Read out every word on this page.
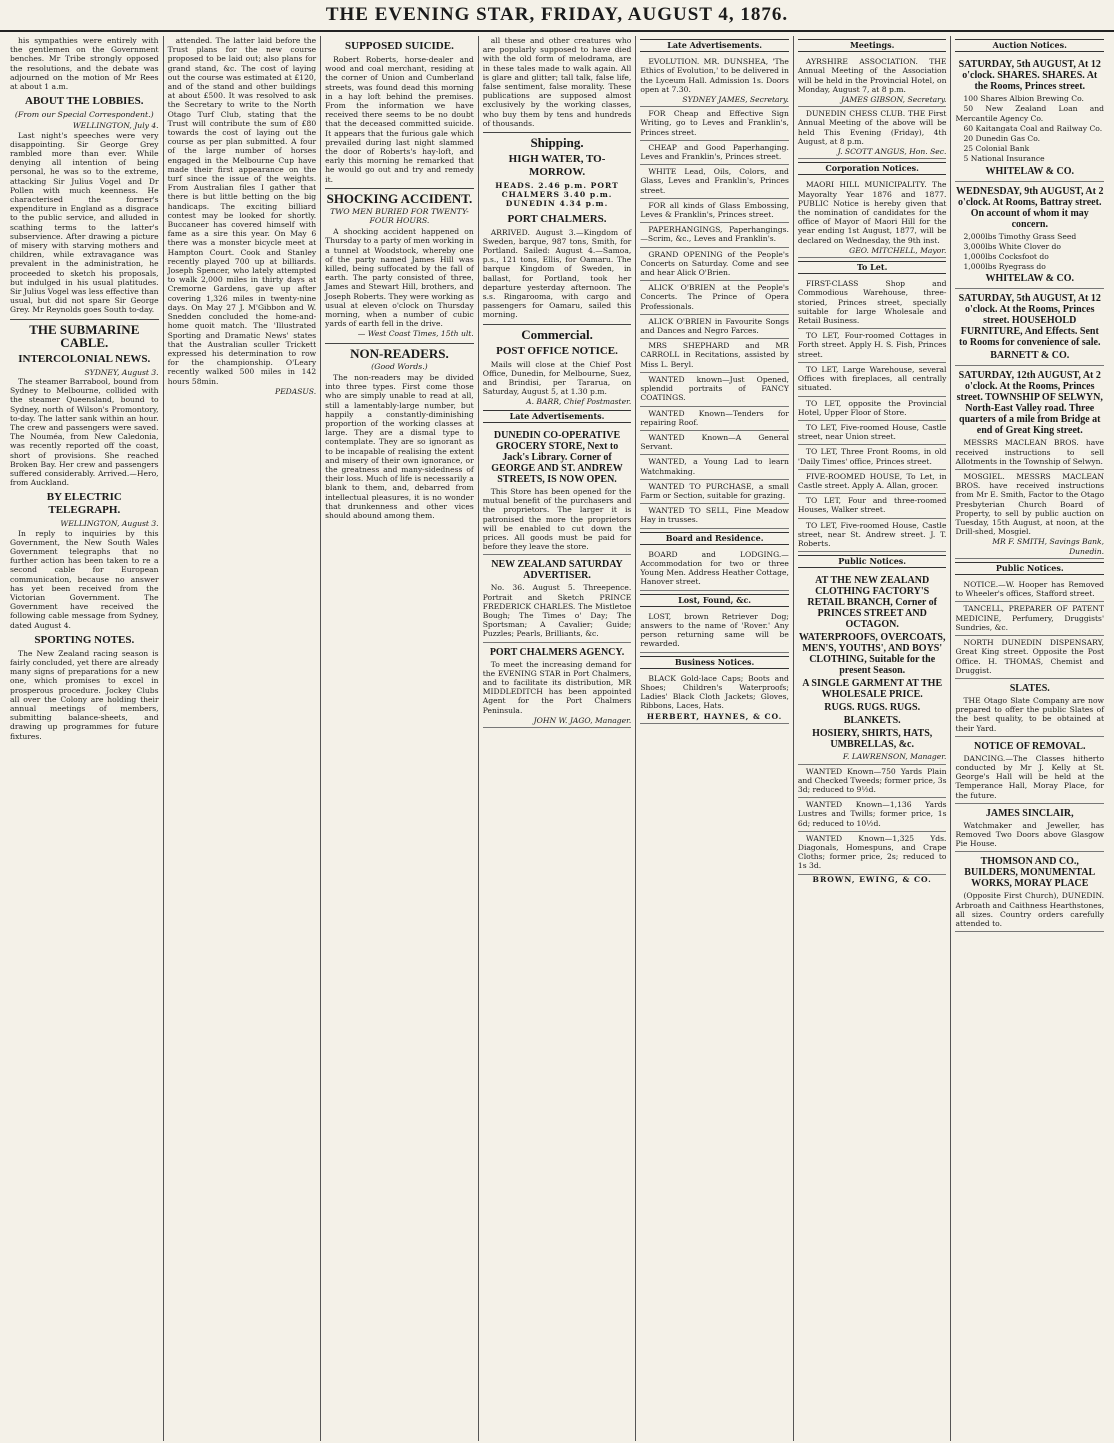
THE EVENING STAR, FRIDAY, AUGUST 4, 1876.

his sympathies were entirely with the gentlemen on the Government benches. Mr Tribe strongly opposed the resolutions, and the debate was adjourned on the motion of Mr Rees at about 1 a.m.

ABOUT THE LOBBIES.
(From our Special Correspondent.)
WELLINGTON, July 4.

Last night's speeches were very disappointing. Sir George Grey rambled more than ever. While denying all intention of being personal, he was so to the extreme, attacking Sir Julius Vogel and Dr Pollen with much keenness. He characterised the former's expenditure in England as a disgrace to the public service, and alluded in scathing terms to the latter's subservience. After drawing a picture of misery with starving mothers and children, while extravagance was prevalent in the administration, he proceeded to sketch his proposals, but indulged in his usual platitudes. Sir Julius Vogel was less effective than usual, but did not spare Sir George Grey. Mr Reynolds goes South to-day.

THE SUBMARINE CABLE.
INTERCOLONIAL NEWS.
SYDNEY, August 3.

The steamer Barrabool, bound from Sydney to Melbourne, collided with the steamer Queensland, bound to Sydney, north of Wilson's Promontory, to-day. The latter sank within an hour. The crew and passengers were saved. The Nouméa, from New Caledonia, was recently reported off the coast, short of provisions. She reached Broken Bay. Her crew and passengers suffered considerably. Arrived.—Hero, from Auckland.

BY ELECTRIC TELEGRAPH.
WELLINGTON, August 3.

In reply to inquiries by this Government, the New South Wales Government telegraphs that no further action has been taken to re a second cable for European communication, because no answer has yet been received from the Victorian Government. The Government have received the following cable message from Sydney, dated August 4.

SPORTING NOTES.

The New Zealand racing season is fairly concluded, yet there are already many signs of preparations for a new one, which promises to excel in prosperous procedure. Jockey Clubs all over the Colony are holding their annual meetings of members, submitting balance-sheets, and drawing up programmes for future fixtures.

attended. The latter laid before the Trust plans for the new course proposed to be laid out; also plans for grand stand, &c. The cost of laying out the course was estimated at £120, and of the stand and other buildings at about £500. It was resolved to ask the Secretary to write to the North Otago Turf Club, stating that the Trust will contribute the sum of £80 towards the cost of laying out the course as per plan submitted. A four of the large number of horses engaged in the Melbourne Cup have made their first appearance on the turf since the issue of the weights. From Australian files I gather that there is but little betting on the big handicaps. The exciting billiard contest may be looked for shortly. Buccaneer has covered himself with fame as a sire this year. On May 6 there was a monster bicycle meet at Hampton Court. Cook and Stanley recently played 700 up at billiards. Joseph Spencer, who lately attempted to walk 2,000 miles in thirty days at Cremorne Gardens, gave up after covering 1,326 miles in twenty-nine days. On May 27 J. M'Gibbon and W. Snedden concluded the home-and-home quoit match. The 'Illustrated Sporting and Dramatic News' states that the Australian sculler Trickett expressed his determination to row for the championship. O'Leary recently walked 500 miles in 142 hours 58min.

PEDASUS.
SUPPOSED SUICIDE.

Robert Roberts, horse-dealer and wood and coal merchant, residing at the corner of Union and Cumberland streets, was found dead this morning in a hay loft behind the premises. From the information we have received there seems to be no doubt that the deceased committed suicide. It appears that the furious gale which prevailed during last night slammed the door of Roberts's hay-loft, and early this morning he remarked that he would go out and try and remedy it.

SHOCKING ACCIDENT.
TWO MEN BURIED FOR TWENTY-FOUR HOURS.

A shocking accident happened on Thursday to a party of men working in a tunnel at Woodstock, whereby one of the party named James Hill was killed, being suffocated by the fall of earth. The party consisted of three, James and Stewart Hill, brothers, and Joseph Roberts. They were working as usual at eleven o'clock on Thursday morning, when a number of cubic yards of earth fell in the drive.

— West Coast Times, 15th ult.
NON-READERS.
(Good Words.)

The non-readers may be divided into three types. First come those who are simply unable to read at all, still a lamentably-large number, but happily a constantly-diminishing proportion of the working classes at large. They are a dismal type to contemplate. They are so ignorant as to be incapable of realising the extent and misery of their own ignorance, or the greatness and many-sidedness of their loss. Much of life is necessarily a blank to them, and, debarred from intellectual pleasures, it is no wonder that drunkenness and other vices should abound among them.

all these and other creatures who are popularly supposed to have died with the old form of melodrama, are in these tales made to walk again. All is glare and glitter; tall talk, false life, false sentiment, false morality. These publications are supposed almost exclusively by the working classes, who buy them by tens and hundreds of thousands.

Shipping.
HIGH WATER, TO-MORROW.
HEADS. 2.46 p.m. PORT CHALMERS 3.40 p.m. DUNEDIN 4.34 p.m.
PORT CHALMERS.

ARRIVED. August 3.—Kingdom of Sweden, barque, 987 tons, Smith, for Portland. Sailed: August 4.—Samoa, p.s., 121 tons, Ellis, for Oamaru. The barque Kingdom of Sweden, in ballast, for Portland, took her departure yesterday afternoon. The s.s. Ringarooma, with cargo and passengers for Oamaru, sailed this morning.

Commercial.
POST OFFICE NOTICE.

Mails will close at the Chief Post Office, Dunedin, for Melbourne, Suez, and Brindisi, per Tararua, on Saturday, August 5, at 1.30 p.m.

A. BARR, Chief Postmaster.
Late Advertisements.
DUNEDIN CO-OPERATIVE GROCERY STORE, Next to Jack's Library. Corner of GEORGE AND ST. ANDREW STREETS, IS NOW OPEN.

This Store has been opened for the mutual benefit of the purchasers and the proprietors. The larger it is patronised the more the proprietors will be enabled to cut down the prices. All goods must be paid for before they leave the store.

NEW ZEALAND SATURDAY ADVERTISER.

No. 36. August 5. Threepence. Portrait and Sketch PRINCE FREDERICK CHARLES. The Mistletoe Bough; The Times o' Day; The Sportsman; A Cavalier; Guide; Puzzles; Pearls, Brilliants, &c.

PORT CHALMERS AGENCY.

To meet the increasing demand for the EVENING STAR in Port Chalmers, and to facilitate its distribution, MR MIDDLEDITCH has been appointed Agent for the Port Chalmers Peninsula.

JOHN W. JAGO, Manager.
Late Advertisements.

EVOLUTION. MR. DUNSHEA, 'The Ethics of Evolution,' to be delivered in the Lyceum Hall. Admission 1s. Doors open at 7.30.

SYDNEY JAMES, Secretary.

FOR Cheap and Effective Sign Writing, go to Leves and Franklin's, Princes street.

CHEAP and Good Paperhanging. Leves and Franklin's, Princes street.

WHITE Lead, Oils, Colors, and Glass, Leves and Franklin's, Princes street.

FOR all kinds of Glass Embossing, Leves & Franklin's, Princes street.

PAPERHANGINGS, Paperhangings.—Scrim, &c., Leves and Franklin's.

GRAND OPENING of the People's Concerts on Saturday. Come and see and hear Alick O'Brien.

ALICK O'BRIEN at the People's Concerts. The Prince of Opera Professionals.

ALICK O'BRIEN in Favourite Songs and Dances and Negro Farces.

MRS SHEPHARD and MR CARROLL in Recitations, assisted by Miss L. Beryl.

WANTED known—Just Opened, splendid portraits of FANCY COATINGS.

WANTED Known—Tenders for repairing Roof.

WANTED Known—A General Servant.

WANTED, a Young Lad to learn Watchmaking.

WANTED TO PURCHASE, a small Farm or Section, suitable for grazing.

WANTED TO SELL, Fine Meadow Hay in trusses.

Board and Residence.

BOARD and LODGING.—Accommodation for two or three Young Men. Address Heather Cottage, Hanover street.

Lost, Found, &c.

LOST, brown Retriever Dog; answers to the name of 'Rover.' Any person returning same will be rewarded.

Business Notices.

BLACK Gold-lace Caps; Boots and Shoes; Children's Waterproofs; Ladies' Black Cloth Jackets; Gloves, Ribbons, Laces, Hats.

HERBERT, HAYNES, & CO.
Meetings.

AYRSHIRE ASSOCIATION. THE Annual Meeting of the Association will be held in the Provincial Hotel, on Monday, August 7, at 8 p.m.

JAMES GIBSON, Secretary.

DUNEDIN CHESS CLUB. THE First Annual Meeting of the above will be held This Evening (Friday), 4th August, at 8 p.m.

J. SCOTT ANGUS, Hon. Sec.
Corporation Notices.

MAORI HILL MUNICIPALITY. The Mayoralty Year 1876 and 1877. PUBLIC Notice is hereby given that the nomination of candidates for the office of Mayor of Maori Hill for the year ending 1st August, 1877, will be declared on Wednesday, the 9th inst.

GEO. MITCHELL, Mayor.
To Let.

FIRST-CLASS Shop and Commodious Warehouse, three-storied, Princes street, specially suitable for large Wholesale and Retail Business.

TO LET, Four-roomed Cottages in Forth street. Apply H. S. Fish, Princes street.

TO LET, Large Warehouse, several Offices with fireplaces, all centrally situated.

TO LET, opposite the Provincial Hotel, Upper Floor of Store.

TO LET, Five-roomed House, Castle street, near Union street.

TO LET, Three Front Rooms, in old 'Daily Times' office, Princes street.

FIVE-ROOMED HOUSE, To Let, in Castle street. Apply A. Allan, grocer.

TO LET, Four and three-roomed Houses, Walker street.

TO LET, Five-roomed House, Castle street, near St. Andrew street. J. T. Roberts.

Public Notices.
AT THE NEW ZEALAND CLOTHING FACTORY'S RETAIL BRANCH, Corner of PRINCES STREET AND OCTAGON.
WATERPROOFS, OVERCOATS, MEN'S, YOUTHS', AND BOYS' CLOTHING, Suitable for the present Season.
A SINGLE GARMENT AT THE WHOLESALE PRICE.
RUGS. RUGS. RUGS.
BLANKETS.
HOSIERY, SHIRTS, HATS, UMBRELLAS, &c.
F. LAWRENSON, Manager.

WANTED Known—750 Yards Plain and Checked Tweeds; former price, 3s 3d; reduced to 9½d.

WANTED Known—1,136 Yards Lustres and Twills; former price, 1s 6d; reduced to 10½d.

WANTED Known—1,325 Yds. Diagonals, Homespuns, and Crape Cloths; former price, 2s; reduced to 1s 3d.

BROWN, EWING, & CO.
Auction Notices.
SATURDAY, 5th AUGUST, At 12 o'clock. SHARES. SHARES. At the Rooms, Princes street.

100 Shares Albion Brewing Co.

50 New Zealand Loan and Mercantile Agency Co.

60 Kaitangata Coal and Railway Co.

20 Dunedin Gas Co.

25 Colonial Bank

5 National Insurance

WHITELAW & CO.
WEDNESDAY, 9th AUGUST, At 2 o'clock. At Rooms, Battray street. On account of whom it may concern.

2,000lbs Timothy Grass Seed

3,000lbs White Clover do

1,000lbs Cocksfoot do

1,000lbs Ryegrass do

WHITELAW & CO.
SATURDAY, 5th AUGUST, At 12 o'clock. At the Rooms, Princes street. HOUSEHOLD FURNITURE, And Effects. Sent to Rooms for convenience of sale.
BARNETT & CO.
SATURDAY, 12th AUGUST, At 2 o'clock. At the Rooms, Princes street. TOWNSHIP OF SELWYN, North-East Valley road. Three quarters of a mile from Bridge at end of Great King street.

MESSRS MACLEAN BROS. have received instructions to sell Allotments in the Township of Selwyn.

MOSGIEL. MESSRS MACLEAN BROS. have received instructions from Mr E. Smith, Factor to the Otago Presbyterian Church Board of Property, to sell by public auction on Tuesday, 15th August, at noon, at the Drill-shed, Mosgiel.

MR F. SMITH, Savings Bank, Dunedin.
Public Notices.

NOTICE.—W. Hooper has Removed to Wheeler's offices, Stafford street.

TANCELL, PREPARER OF PATENT MEDICINE, Perfumery, Druggists' Sundries, &c.

NORTH DUNEDIN DISPENSARY, Great King street. Opposite the Post Office. H. THOMAS, Chemist and Druggist.

SLATES.

THE Otago Slate Company are now prepared to offer the public Slates of the best quality, to be obtained at their Yard.

NOTICE OF REMOVAL.

DANCING.—The Classes hitherto conducted by Mr J. Kelly at St. George's Hall will be held at the Temperance Hall, Moray Place, for the future.

JAMES SINCLAIR,

Watchmaker and Jeweller, has Removed Two Doors above Glasgow Pie House.

THOMSON AND CO., BUILDERS, MONUMENTAL WORKS, MORAY PLACE

(Opposite First Church), DUNEDIN. Arbroath and Caithness Hearthstones, all sizes. Country orders carefully attended to.
